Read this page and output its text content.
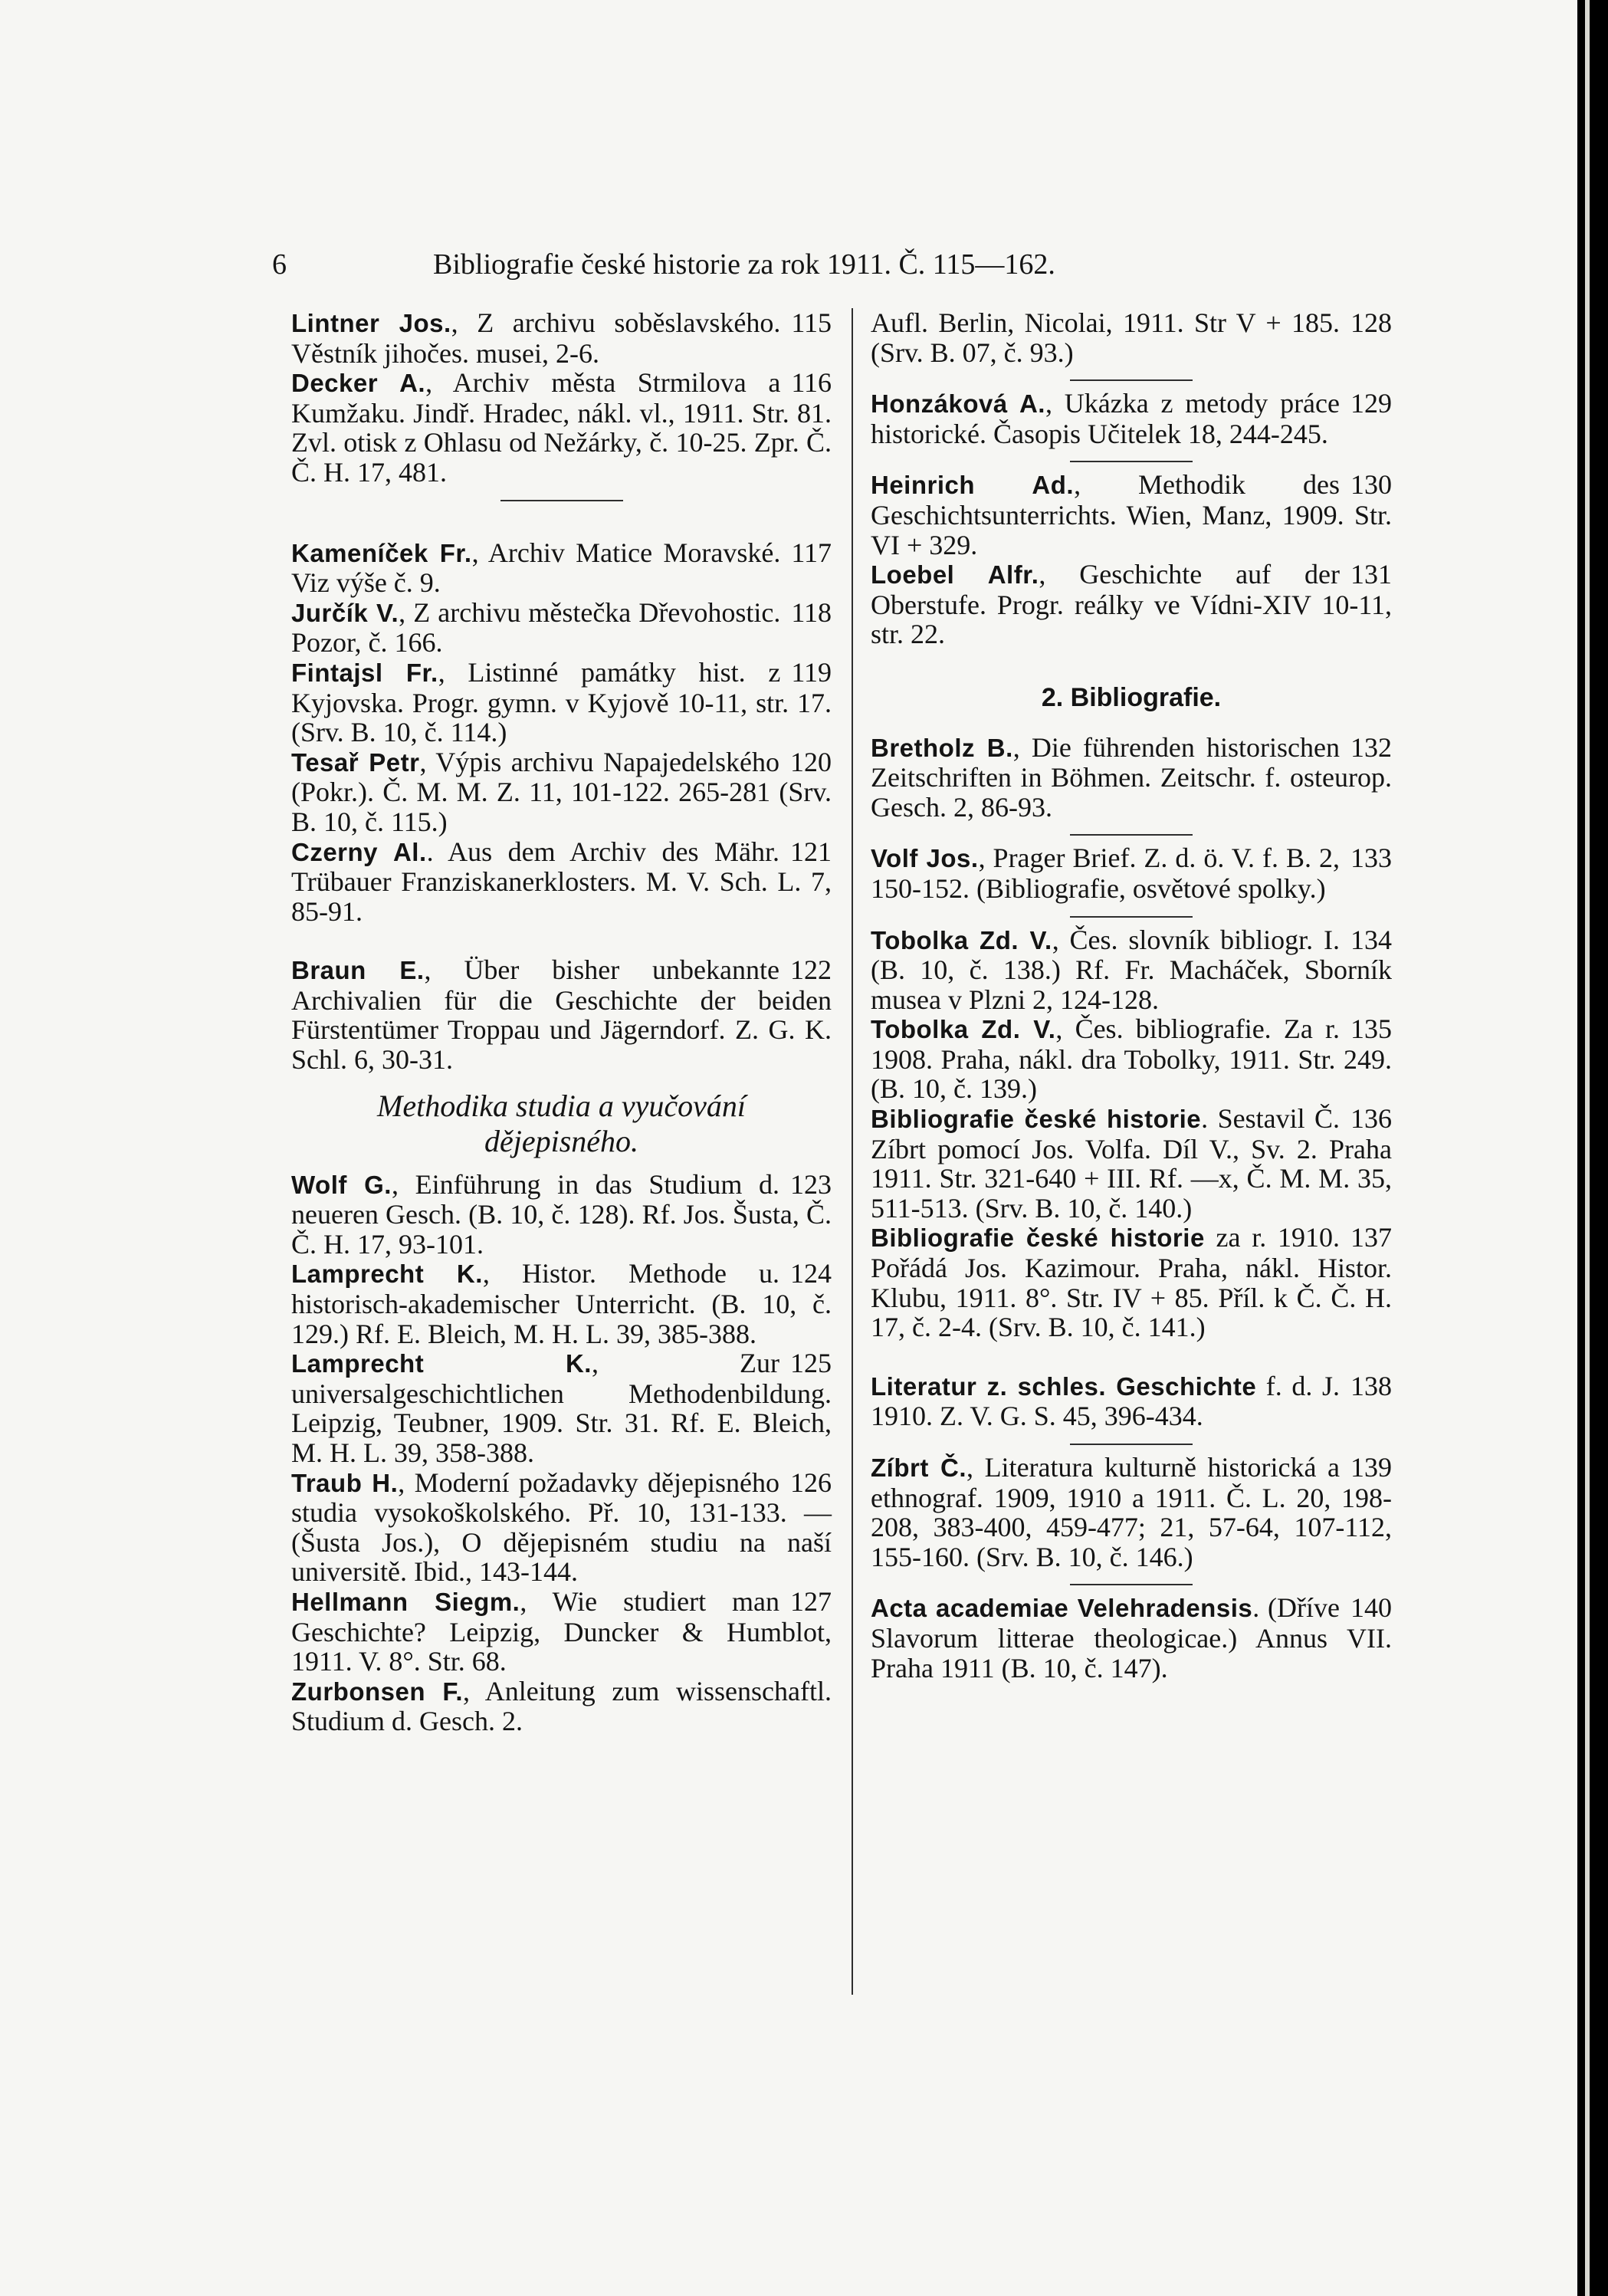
6	Bibliografie české historie za rok 1911. Č. 115—162.

115
Lintner Jos., Z archivu soběslavského. Věstník jihočes. musei, 2-6.

116
Decker A., Archiv města Strmilova a Kumžaku. Jindř. Hradec, nákl. vl., 1911. Str. 81. Zvl. otisk z Ohlasu od Nežárky, č. 10-25. Zpr. Č. Č. H. 17, 481.

117
Kameníček Fr., Archiv Matice Moravské. Viz výše č. 9.

118
Jurčík V., Z archivu městečka Dřevohostic. Pozor, č. 166.

119
Fintajsl Fr., Listinné památky hist. z Kyjovska. Progr. gymn. v Kyjově 10-11, str. 17. (Srv. B. 10, č. 114.)

120
Tesař Petr, Výpis archivu Napajedelského (Pokr.). Č. M. M. Z. 11, 101-122. 265-281 (Srv. B. 10, č. 115.)

121
Czerny Al.. Aus dem Archiv des Mähr. Trübauer Franziskanerklosters. M. V. Sch. L. 7, 85-91.

122
Braun E., Über bisher unbekannte Archivalien für die Geschichte der beiden Fürstentümer Troppau und Jägerndorf. Z. G. K. Schl. 6, 30-31.

Methodika studia a vyučování
dějepisného.

123
Wolf G., Einführung in das Studium d. neueren Gesch. (B. 10, č. 128). Rf. Jos. Šusta, Č. Č. H. 17, 93-101.

124
Lamprecht K., Histor. Methode u. historisch-akademischer Unterricht. (B. 10, č. 129.) Rf. E. Bleich, M. H. L. 39, 385-388.

125
Lamprecht K., Zur universalgeschichtlichen Methodenbildung. Leipzig, Teubner, 1909. Str. 31. Rf. E. Bleich, M. H. L. 39, 358-388.

126
Traub H., Moderní požadavky dějepisného studia vysokoškolského. Př. 10, 131-133. — (Šusta Jos.), O dějepisném studiu na naší universitě. Ibid., 143-144.

127
Hellmann Siegm., Wie studiert man Geschichte? Leipzig, Duncker & Humblot, 1911. V. 8°. Str. 68.

Zurbonsen F., Anleitung zum wissenschaftl. Studium d. Gesch. 2.

128
Aufl. Berlin, Nicolai, 1911. Str V + 185. (Srv. B. 07, č. 93.)

129
Honzáková A., Ukázka z metody práce historické. Časopis Učitelek 18, 244-245.

130
Heinrich Ad., Methodik des Geschichtsunterrichts. Wien, Manz, 1909. Str. VI + 329.

131
Loebel Alfr., Geschichte auf der Oberstufe. Progr. reálky ve Vídni-XIV 10-11, str. 22.

2. Bibliografie.

132
Bretholz B., Die führenden historischen Zeitschriften in Böhmen. Zeitschr. f. osteurop. Gesch. 2, 86-93.

133
Volf Jos., Prager Brief. Z. d. ö. V. f. B. 2, 150-152. (Bibliografie, osvětové spolky.)

134
Tobolka Zd. V., Čes. slovník bibliogr. I. (B. 10, č. 138.) Rf. Fr. Macháček, Sborník musea v Plzni 2, 124-128.

135
Tobolka Zd. V., Čes. bibliografie. Za r. 1908. Praha, nákl. dra Tobolky, 1911. Str. 249. (B. 10, č. 139.)

136
Bibliografie české historie. Sestavil Č. Zíbrt pomocí Jos. Volfa. Díl V., Sv. 2. Praha 1911. Str. 321-640 + III. Rf. —x, Č. M. M. 35, 511-513. (Srv. B. 10, č. 140.)

137
Bibliografie české historie za r. 1910. Pořádá Jos. Kazimour. Praha, nákl. Histor. Klubu, 1911. 8°. Str. IV + 85. Příl. k Č. Č. H. 17, č. 2-4. (Srv. B. 10, č. 141.)

138
Literatur z. schles. Geschichte f. d. J. 1910. Z. V. G. S. 45, 396-434.

139
Zíbrt Č., Literatura kulturně historická a ethnograf. 1909, 1910 a 1911. Č. L. 20, 198-208, 383-400, 459-477; 21, 57-64, 107-112, 155-160. (Srv. B. 10, č. 146.)

140
Acta academiae Velehradensis. (Dříve Slavorum litterae theologicae.) Annus VII. Praha 1911 (B. 10, č. 147).
